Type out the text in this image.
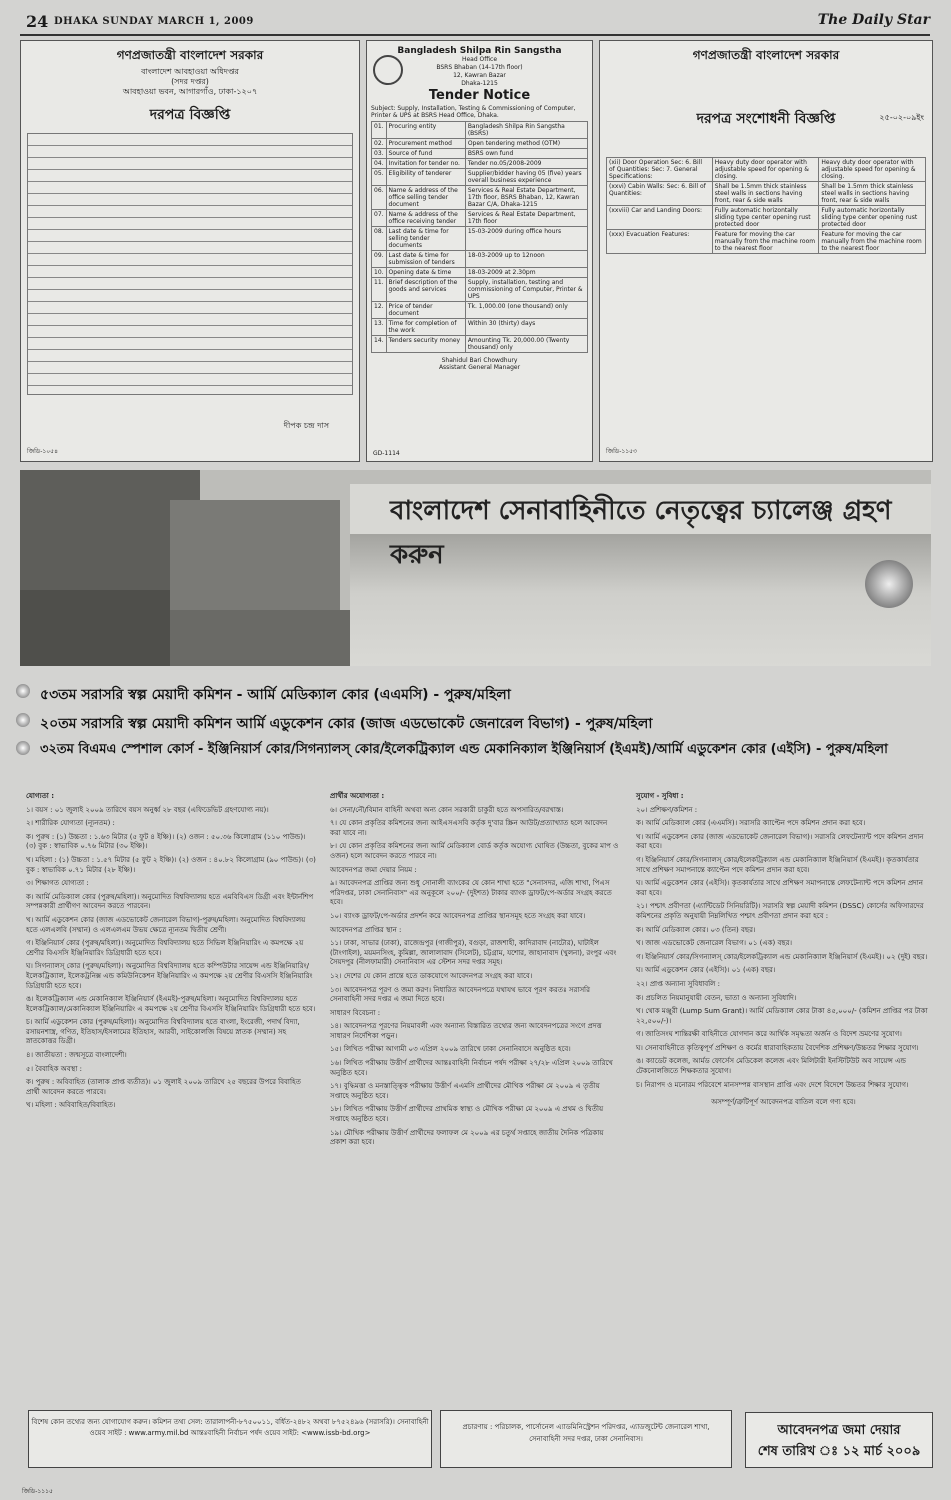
24 DHAKA SUNDAY MARCH 1, 2009	The Daily Star
গণপ্রজাতন্ত্রী বাংলাদেশ সরকার
বাংলাদেশ আবহাওয়া অধিদপ্তর
(সদর দপ্তর)
আবহাওয়া ভবন, আগারগাঁও, ঢাকা-১২০৭
দরপত্র বিজ্ঞপ্তি
দীপক চন্দ্র দাস
জিডি-১০৫৪
Bangladesh Shilpa Rin Sangstha
Head Office
BSRS Bhaban (14-17th floor)
12, Kawran Bazar
Dhaka-1215
Tender Notice
Subject: Supply, Installation, Testing & Commissioning of Computer, Printer & UPS at BSRS Head Office, Dhaka.
01.	Procuring entity	Bangladesh Shilpa Rin Sangstha (BSRS)
02.	Procurement method	Open tendering method (OTM)
03.	Source of fund	BSRS own fund
04.	Invitation for tender no.	Tender no.05/2008-2009
05.	Eligibility of tenderer	Supplier/bidder having 05 (five) years overall business experience
06.	Name & address of the office selling tender document	Services & Real Estate Department, 17th floor, BSRS Bhaban, 12, Kawran Bazar C/A, Dhaka-1215
07.	Name & address of the office receiving tender	Services & Real Estate Department, 17th floor
08.	Last date & time for selling tender documents	15-03-2009 during office hours
09.	Last date & time for submission of tenders	18-03-2009 up to 12noon
10.	Opening date & time	18-03-2009 at 2.30pm
11.	Brief description of the goods and services	Supply, installation, testing and commissioning of Computer, Printer & UPS
12.	Price of tender document	Tk. 1,000.00 (one thousand) only
13.	Time for completion of the work	Within 30 (thirty) days
14.	Tenders security money	Amounting Tk. 20,000.00 (Twenty thousand) only
Shahidul Bari Chowdhury
Assistant General Manager
GD-1114
গণপ্রজাতন্ত্রী বাংলাদেশ সরকার
২৫-০২-০৯ইং
দরপত্র সংশোধনী বিজ্ঞপ্তি
(xii) Door Operation Sec: 6. Bill of Quantities: Sec: 7. General Specifications:	Heavy duty door operator with adjustable speed for opening & closing.	Heavy duty door operator with adjustable speed for opening & closing.
(xxvi) Cabin Walls: Sec: 6. Bill of Quantities:	Shall be 1.5mm thick stainless steel walls in sections having front, rear & side walls	Shall be 1.5mm thick stainless steel walls in sections having front, rear & side walls
(xxviii) Car and Landing Doors:	Fully automatic horizontally sliding type center opening rust protected door	Fully automatic horizontally sliding type center opening rust protected door
(xxx) Evacuation Features:	Feature for moving the car manually from the machine room to the nearest floor	Feature for moving the car manually from the machine room to the nearest floor
জিডি-১১৫৩
বাংলাদেশ সেনাবাহিনীতে নেতৃত্বের চ্যালেঞ্জ গ্রহণ করুন
৫৩তম সরাসরি স্বল্প মেয়াদী কমিশন - আর্মি মেডিক্যাল কোর (এএমসি) - পুরুষ/মহিলা
২০তম সরাসরি স্বল্প মেয়াদী কমিশন আর্মি এডুকেশন কোর (জাজ এডভোকেট জেনারেল বিভাগ) - পুরুষ/মহিলা
৩২তম বিএমএ স্পেশাল কোর্স - ইঞ্জিনিয়ার্স কোর/সিগন্যালস্‌ কোর/ইলেকট্রিক্যাল এন্ড মেকানিক্যাল ইঞ্জিনিয়ার্স (ইএমই)/আর্মি এডুকেশন কোর (এইসি) - পুরুষ/মহিলা

যোগ্যতা :

১। বয়স : ০১ জুলাই ২০০৯ তারিখে বয়স অনুর্ধ্ব ২৮ বছর (এফিডেভিট গ্রহণযোগ্য নয়)।

২। শারীরিক যোগ্যতা (ন্যূনতম) :

ক। পুরুষ : (১) উচ্চতা : ১.৬৩ মিটার (৫ ফুট ৪ ইঞ্চি)। (২) ওজন : ৫০.৩৬ কিলোগ্রাম (১১০ পাউন্ড)। (৩) বুক : স্বাভাবিক ০.৭৬ মিটার (৩০ ইঞ্চি)।

খ। মহিলা : (১) উচ্চতা : ১.৫৭ মিটার (৫ ফুট ২ ইঞ্চি)। (২) ওজন : ৪০.৮২ কিলোগ্রাম (৯০ পাউন্ড)। (৩) বুক : স্বাভাবিক ০.৭১ মিটার (২৮ ইঞ্চি)।

৩। শিক্ষাগত যোগ্যতা :

ক। আর্মি মেডিক্যাল কোর (পুরুষ/মহিলা)। অনুমোদিত বিশ্ববিদ্যালয় হতে এমবিবিএস ডিগ্রী এবং ইন্টার্নশিপ সম্পন্নকারী প্রার্থীগণ আবেদন করতে পারবেন।

খ। আর্মি এডুকেশন কোর (জাজ এডভোকেট জেনারেল বিভাগ)-পুরুষ/মহিলা। অনুমোদিত বিশ্ববিদ্যালয় হতে এলএলবি (সম্মান) ও এলএলএম উভয় ক্ষেত্রে ন্যূনতম দ্বিতীয় শ্রেণী।

গ। ইঞ্জিনিয়ার্স কোর (পুরুষ/মহিলা)। অনুমোদিত বিশ্ববিদ্যালয় হতে সিভিল ইঞ্জিনিয়ারিং এ কমপক্ষে ২য় শ্রেণীর বিএসসি ইঞ্জিনিয়ারিং ডিগ্রিধারী হতে হবে।

ঘ। সিগন্যালস্‌ কোর (পুরুষ/মহিলা)। অনুমোদিত বিশ্ববিদ্যালয় হতে কম্পিউটার সায়েন্স এন্ড ইঞ্জিনিয়ারিং/ইলেকট্রিক্যাল, ইলেকট্রনিক্স এন্ড কমিউনিকেশন ইঞ্জিনিয়ারিং এ কমপক্ষে ২য় শ্রেণীর বিএসসি ইঞ্জিনিয়ারিং ডিগ্রিধারী হতে হবে।

ঙ। ইলেকট্রিক্যাল এন্ড মেকানিক্যাল ইঞ্জিনিয়ার্স (ইএমই)-পুরুষ/মহিলা। অনুমোদিত বিশ্ববিদ্যালয় হতে ইলেকট্রিক্যাল/মেকানিক্যাল ইঞ্জিনিয়ারিং এ কমপক্ষে ২য় শ্রেণীর বিএসসি ইঞ্জিনিয়ারিং ডিগ্রিধারী হতে হবে।

চ। আর্মি এডুকেশন কোর (পুরুষ/মহিলা)। অনুমোদিত বিশ্ববিদ্যালয় হতে বাংলা, ইংরেজী, পদার্থ বিদ্যা, রসায়নশাস্ত্র, গণিত, ইতিহাস/ইসলামের ইতিহাস, আরবী, সাইকোলজি বিষয়ে স্নাতক (সম্মান) সহ স্নাতকোত্তর ডিগ্রী।

৪। জাতীয়তা : জন্মসূত্রে বাংলাদেশী।

৫। বৈবাহিক অবস্থা :

ক। পুরুষ : অবিবাহিত (তালাক প্রাপ্ত ব্যতীত)। ০১ জুলাই ২০০৯ তারিখে ২৫ বছরের উপরে বিবাহিত প্রার্থী আবেদন করতে পারবে।

খ। মহিলা : অবিবাহিত/বিবাহিত।

প্রার্থীর অযোগ্যতা :

৬। সেনা/নৌ/বিমান বাহিনী অথবা অন্য কোন সরকারী চাকুরী হতে অপসারিত/বরখাস্ত।

৭। যে কোন প্রকৃতির কমিশনের জন্য আইএসএসবি কর্তৃক দু'বার স্ক্রিন আউট/প্রত্যাখ্যাত হলে আবেদন করা যাবে না।

৮। যে কোন প্রকৃতির কমিশনের জন্য আর্মি মেডিক্যাল বোর্ড কর্তৃক অযোগ্য ঘোষিত (উচ্চতা, বুকের মাপ ও ওজন) হলে আবেদন করতে পারবে না।

আবেদনপত্র জমা দেয়ার নিয়ম :

৯। আবেদনপত্র প্রাপ্তির জন্য শুধু সোনালী ব্যাংকের যে কোন শাখা হতে "সেনাসদর, এজি শাখা, পিএস পরিদপ্তর, ঢাকা সেনানিবাস" এর অনুকূলে ২০০/- (দুইশত) টাকার ব্যাংক ড্রাফট/পে-অর্ডার সংগ্রহ করতে হবে।

১০। ব্যাংক ড্রাফট/পে-অর্ডার প্রদর্শন করে আবেদনপত্র প্রাপ্তির স্থানসমূহ হতে সংগ্রহ করা যাবে।

আবেদনপত্র প্রাপ্তির স্থান :

১১। ঢাকা, সাভার (ঢাকা), রাজেন্দ্রপুর (গাজীপুর), বগুড়া, রাজশাহী, কাদিরাবাদ (নাটোর), ঘাটাইল (টাংগাইল), ময়মনসিংহ, কুমিল্লা, জালালাবাদ (সিলেট), চট্টগ্রাম, যশোর, জাহানাবাদ (খুলনা), রংপুর এবং সৈয়দপুর (নীলফামারী) সেনানিবাস এর স্টেশন সদর দপ্তর সমূহ।

১২। দেশের যে কোন প্রান্তে হতে ডাকযোগে আবেদনপত্র সংগ্রহ করা যাবে।

১৩। আবেদনপত্র পূরণ ও জমা করণ। নিধারিত আবেদনপত্রে যথাযথ ভাবে পূরণ করতঃ সরাসরি সেনাবাহিনী সদর দপ্তর এ জমা দিতে হবে।

সাধারণ বিবেচনা :

১৪। আবেদনপত্র পূরণের নিয়মাবলী এবং অন্যান্য বিস্তারিত তথ্যের জন্য আবেদনপত্রের সংগে প্রদত্ত সাধারণ নির্দেশিকা পড়ুন।

১৫। লিখিত পরীক্ষা আগামী ০৩ এপ্রিল ২০০৯ তারিখে ঢাকা সেনানিবাসে অনুষ্ঠিত হবে।

১৬। লিখিত পরীক্ষায় উত্তীর্ণ প্রার্থীদের আন্তঃবাহিনী নির্বাচন পর্ষদ পরীক্ষা ২৭/২৮ এপ্রিল ২০০৯ তারিখে অনুষ্ঠিত হবে।

১৭। বুদ্ধিমত্তা ও মনস্তাত্ত্বিক পরীক্ষায় উত্তীর্ণ এএমসি প্রার্থীদের মৌখিক পরীক্ষা মে ২০০৯ এ তৃতীয় সপ্তাহে অনুষ্ঠিত হবে।

১৮। লিখিত পরীক্ষায় উত্তীর্ণ প্রার্থীদের প্রাথমিক স্বাস্থ্য ও মৌখিক পরীক্ষা মে ২০০৯ এ প্রথম ও দ্বিতীয় সপ্তাহে অনুষ্ঠিত হবে।

১৯। মৌখিক পরীক্ষায় উত্তীর্ণ প্রার্থীদের ফলাফল মে ২০০৯ এর চতুর্থ সপ্তাহে জাতীয় দৈনিক পত্রিকায় প্রকাশ করা হবে।

সুযোগ - সুবিধা :

২০। প্রশিক্ষণ/কমিশন :

ক। আর্মি মেডিক্যাল কোর (এএমসি)। সরাসরি ক্যাপ্টেন পদে কমিশন প্রদান করা হবে।

খ। আর্মি এডুকেশন কোর (জাজ এডভোকেট জেনারেল বিভাগ)। সরাসরি লেফটেন্যান্ট পদে কমিশন প্রদান করা হবে।

গ। ইঞ্জিনিয়ার্স কোর/সিগন্যালস্‌ কোর/ইলেকট্রিক্যাল এন্ড মেকানিক্যাল ইঞ্জিনিয়ার্স (ইএমই)। কৃতকার্যতার সাথে প্রশিক্ষণ সমাপনান্তে ক্যাপ্টেন পদে কমিশন প্রদান করা হবে।

ঘ। আর্মি এডুকেশন কোর (এইসি)। কৃতকার্যতার সাথে প্রশিক্ষণ সমাপনান্তে লেফটেন্যান্ট পদে কমিশন প্রদান করা হবে।

২১। পশ্চাৎ প্রবীণতা (এ্যান্টিডেট সিনিয়রিটি)। সরাসরি স্বল্প মেয়াদী কমিশন (DSSC) কোর্সের অফিসারদের কমিশনের প্রকৃতি অনুযায়ী নিম্নলিখিত পশ্চাৎ প্রবীণতা প্রদান করা হবে :

ক। আর্মি মেডিক্যাল কোর। ০৩ (তিন) বছর।

খ। জাজ এডভোকেট জেনারেল বিভাগ। ০১ (এক) বছর।

গ। ইঞ্জিনিয়ার্স কোর/সিগন্যালস্‌ কোর/ইলেকট্রিক্যাল এন্ড মেকানিক্যাল ইঞ্জিনিয়ার্স (ইএমই)। ০২ (দুই) বছর।

ঘ। আর্মি এডুকেশন কোর (এইসি)। ০১ (এক) বছর।

২২। প্রাপ্ত অন্যান্য সুবিধাবলি :

ক। প্রচলিত নিয়মানুযায়ী বেতন, ভাতা ও অন্যান্য সুবিধাদি।

খ। থোক মঞ্জুরী (Lump Sum Grant)। আর্মি মেডিক্যাল কোর টাকা ৪৫,০০০/- (কমিশন প্রাপ্তির পর টাকা ২২,৫০০/-)।

গ। জাতিসংঘ শান্তিরক্ষী বাহিনীতে যোগদান করে আর্থিক সমৃদ্ধতা অর্জন ও বিদেশ ভ্রমণের সুযোগ।

ঘ। সেনাবাহিনীতে কৃতিত্বপূর্ণ প্রশিক্ষণ ও কর্মের ধারাবাহিকতায় বৈদেশিক প্রশিক্ষণ/উচ্চতর শিক্ষার সুযোগ।

ঙ। ক্যাডেট কলেজ, আর্মড ফোর্সেস মেডিকেল কলেজ এবং মিলিটারী ইনস্টিটিউট অব সায়েন্স এন্ড টেকনোলজিতে শিক্ষকতার সুযোগ।

চ। নিরাপদ ও মনোরম পরিবেশে মানসম্পন্ন বাসস্থান প্রাপ্তি এবং দেশে বিদেশে উচ্চতর শিক্ষার সুযোগ।

অসম্পূর্ণ/ত্রুটিপূর্ণ আবেদনপত্র বাতিল বলে গণ্য হবে।

বিশেষ কোন তথ্যের জন্য যোগাযোগ করুন। কমিশন তথ্য সেল: তারালাপনী-৮৭৫০০১১, বর্ধিত-২৪৮২ অথবা ৮৭৫২৪৯৬ (সরাসরি)। সেনাবাহিনী
ওয়েব সাইট : www.army.mil.bd আন্তঃবাহিনী নির্বাচন পর্ষদ ওয়েব সাইট: <www.issb-bd.org>
প্রচারণায় : পরিচালক, পার্সোনেল এ্যাডমিনিস্ট্রেশন পরিদপ্তর, এ্যাডজুটেন্ট জেনারেল শাখা, সেনাবাহিনী সদর দপ্তর, ঢাকা সেনানিবাস।
আবেদনপত্র জমা দেয়ার
শেষ তারিখ ঃ ১২ মার্চ ২০০৯
জিডি-১১১৫
